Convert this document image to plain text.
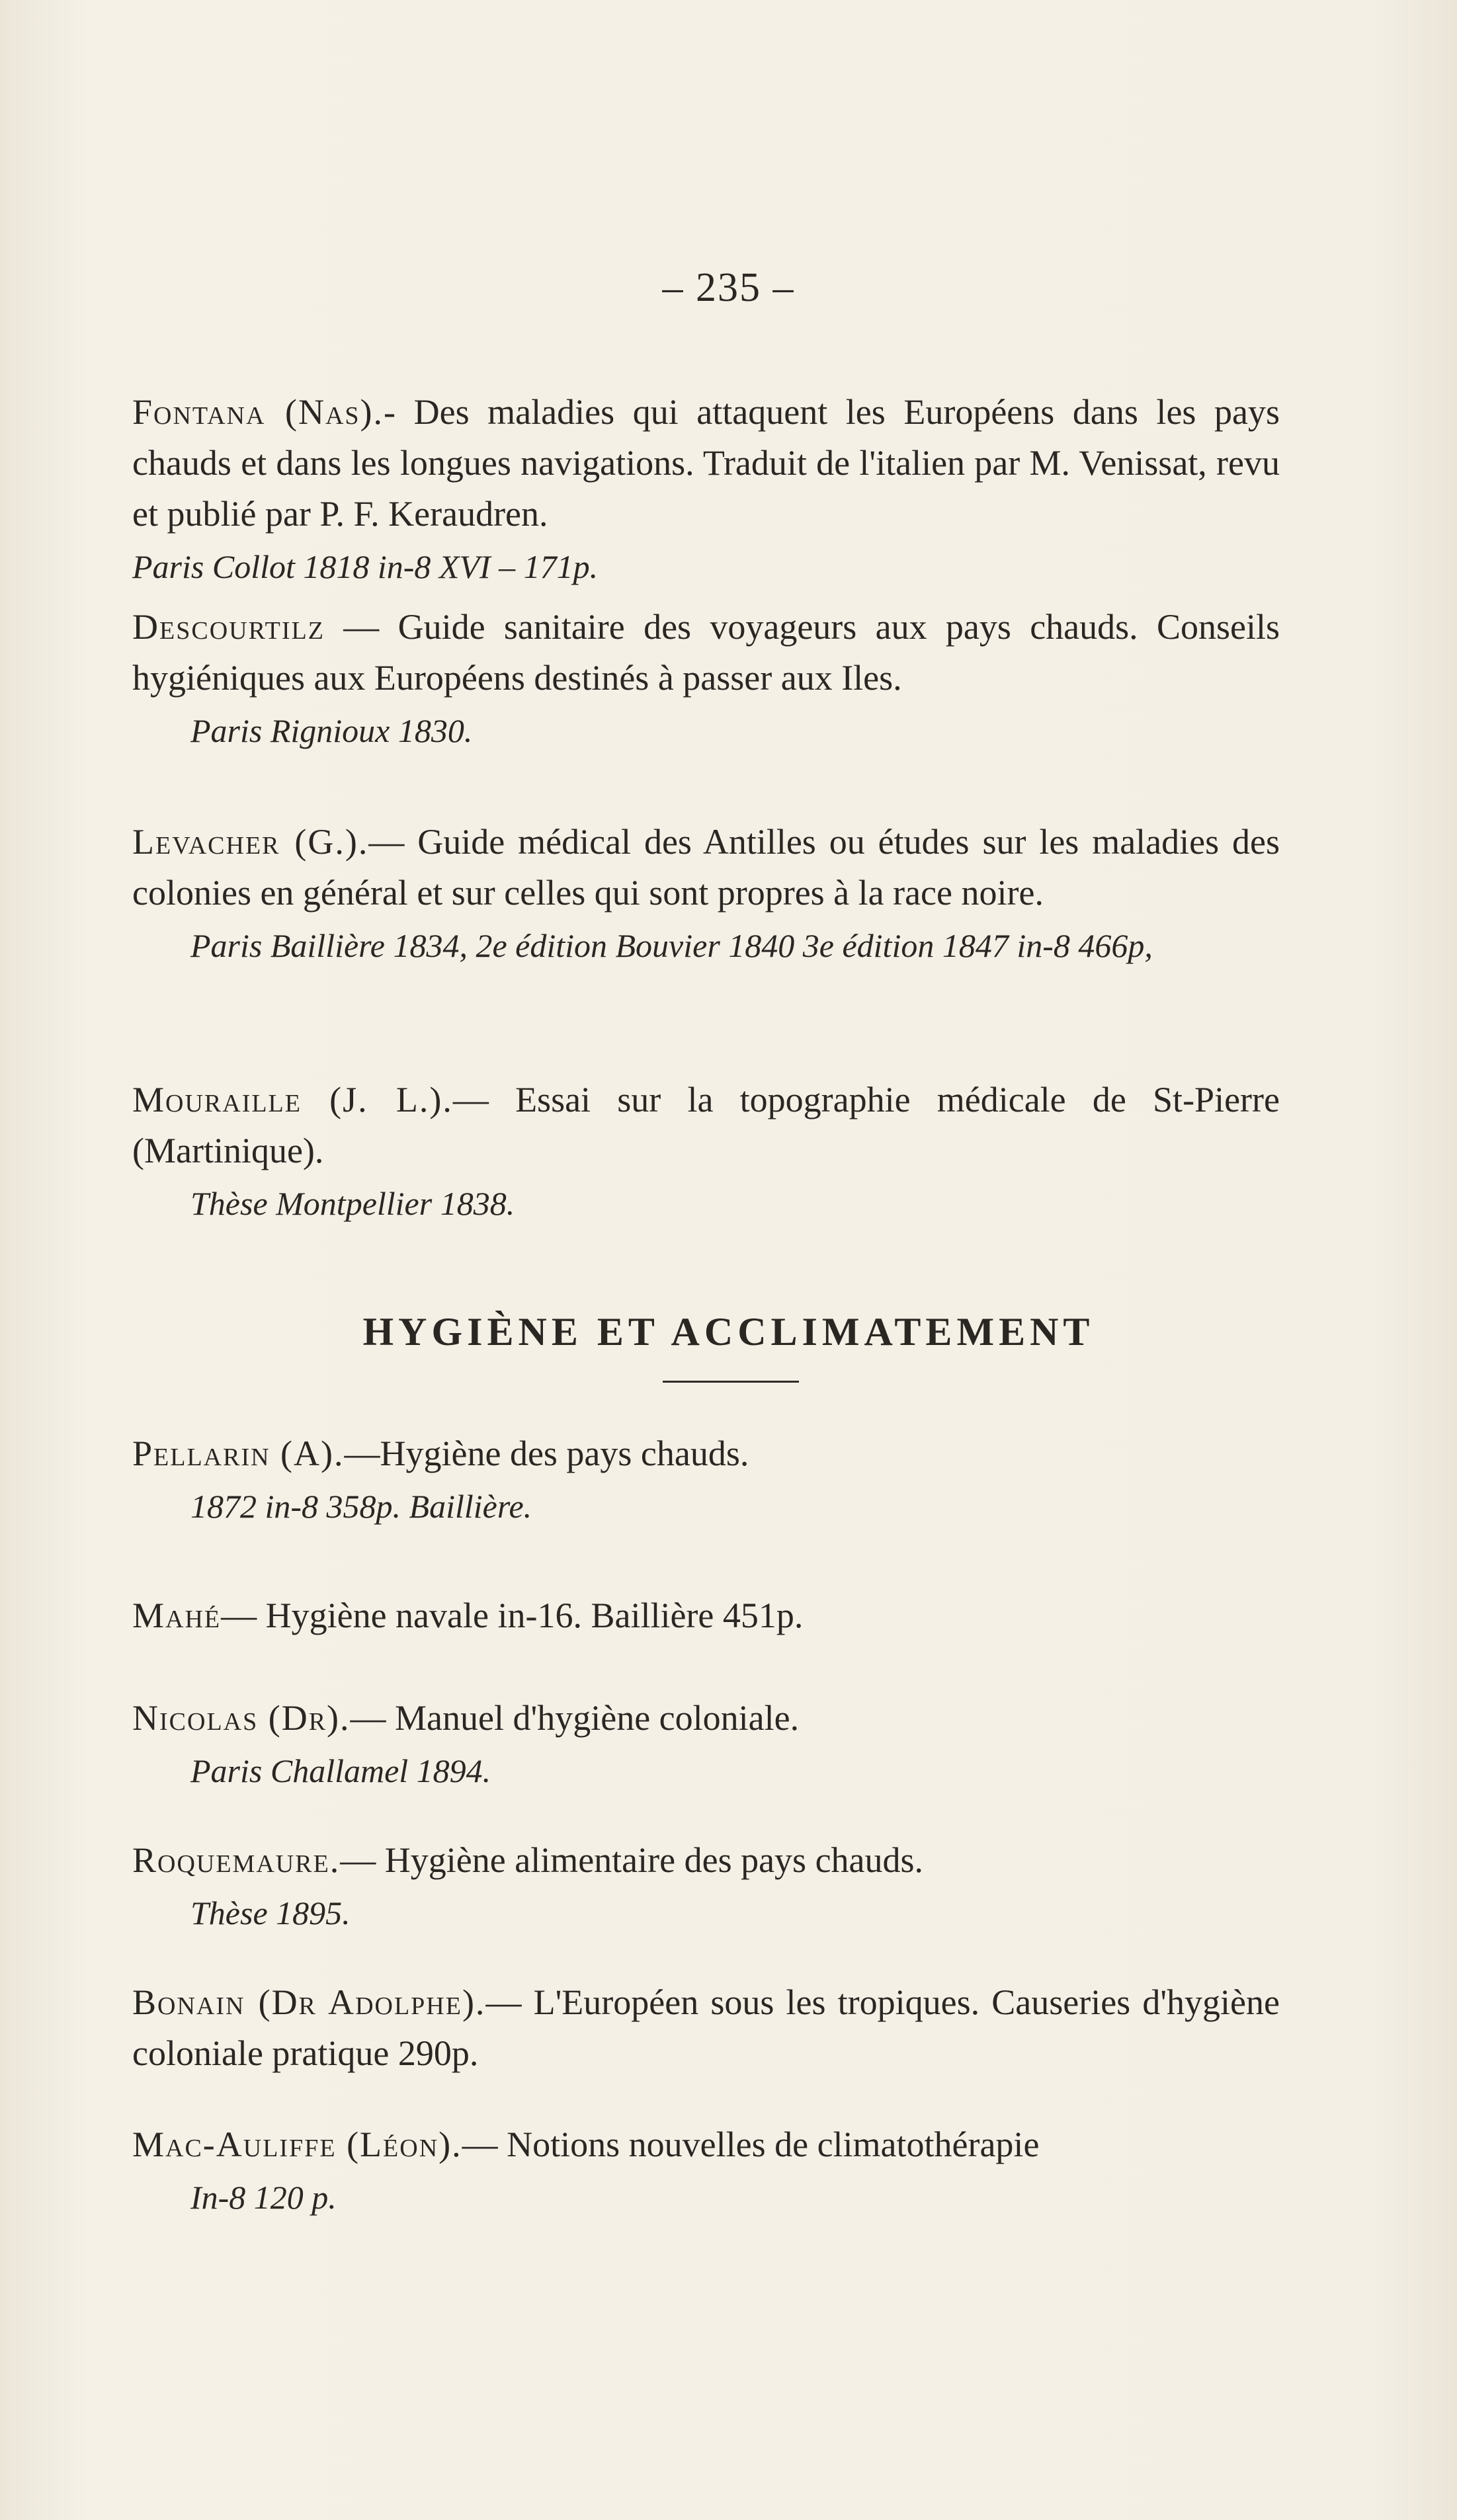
– 235 –
Fontana (Nas).- Des maladies qui attaquent les Européens dans les pays chauds et dans les longues navigations. Traduit de l'italien par M. Venissat, revu et publié par P. F. Keraudren.
Paris Collot 1818 in-8 XVI – 171p.
Descourtilz — Guide sanitaire des voyageurs aux pays chauds. Conseils hygiéniques aux Européens destinés à passer aux Iles.
Paris Rignioux 1830.
Levacher (G.).— Guide médical des Antilles ou études sur les maladies des colonies en général et sur celles qui sont propres à la race noire.
Paris Baillière 1834, 2e édition Bouvier 1840 3e édition 1847 in-8 466p,
Mouraille (J. L.).— Essai sur la topographie médicale de St-Pierre (Martinique).
Thèse Montpellier 1838.
HYGIÈNE ET ACCLIMATEMENT
Pellarin (A).—Hygiène des pays chauds.
1872 in-8 358p. Baillière.
Mahé— Hygiène navale in-16. Baillière 451p.
Nicolas (Dr).— Manuel d'hygiène coloniale.
Paris Challamel 1894.
Roquemaure.— Hygiène alimentaire des pays chauds.
Thèse 1895.
Bonain (Dr Adolphe).— L'Européen sous les tropiques. Causeries d'hygiène coloniale pratique 290p.
Mac-Auliffe (Léon).— Notions nouvelles de climatothérapie
In-8 120 p.
